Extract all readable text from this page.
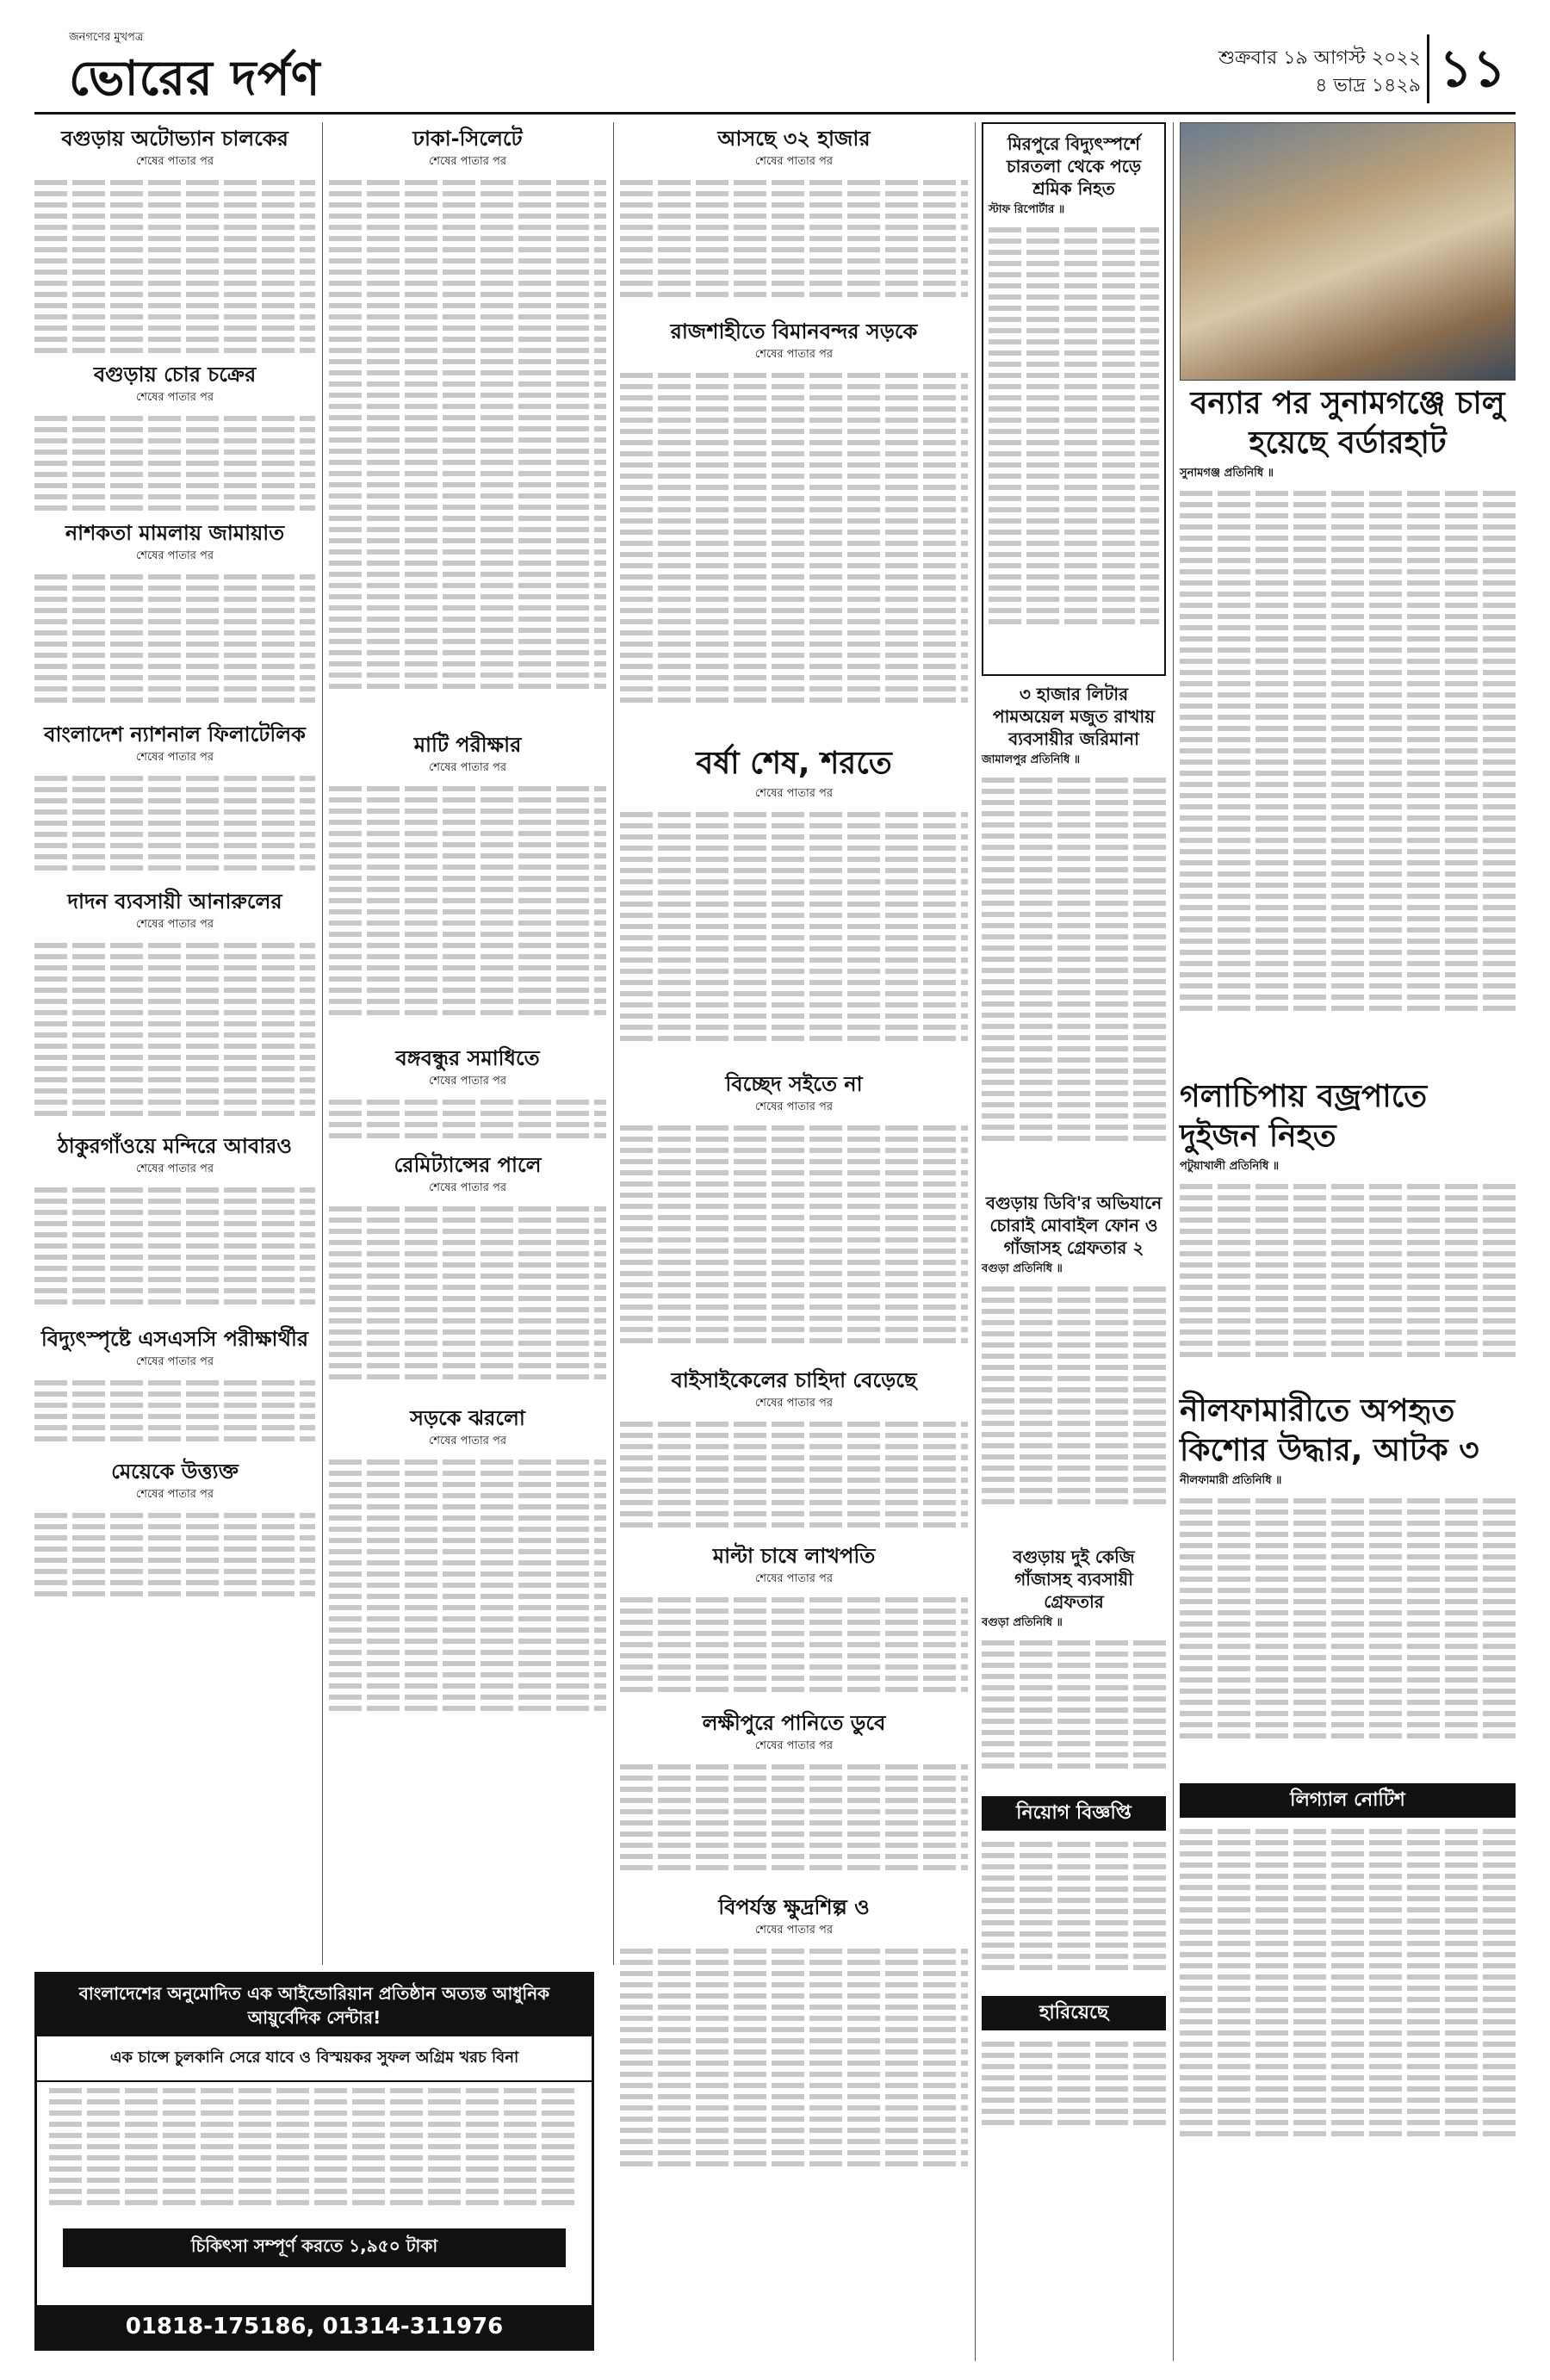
জনগণের মুখপত্র
ভোরের দর্পণ	শুক্রবার ১৯ আগস্ট ২০২২
৪ ভাদ্র ১৪২৯ ১১
বগুড়ায় অটোভ্যান চালকের
শেষের পাতার পর
বগুড়ায় চোর চক্রের
শেষের পাতার পর
নাশকতা মামলায় জামায়াত
শেষের পাতার পর
বাংলাদেশ ন্যাশনাল ফিলাটেলিক
শেষের পাতার পর
দাদন ব্যবসায়ী আনারুলের
শেষের পাতার পর
ঠাকুরগাঁওয়ে মন্দিরে আবারও
শেষের পাতার পর
বিদ্যুৎস্পৃষ্টে এসএসসি পরীক্ষার্থীর
শেষের পাতার পর
মেয়েকে উত্ত্যক্ত
শেষের পাতার পর
ঢাকা-সিলেটে
শেষের পাতার পর
মাটি পরীক্ষার
শেষের পাতার পর
বঙ্গবন্ধুর সমাধিতে
শেষের পাতার পর
রেমিট্যান্সের পালে
শেষের পাতার পর
সড়কে ঝরলো
শেষের পাতার পর
আসছে ৩২ হাজার
শেষের পাতার পর
রাজশাহীতে বিমানবন্দর সড়কে
শেষের পাতার পর
বর্ষা শেষ, শরতে
শেষের পাতার পর
বিচ্ছেদ সইতে না
শেষের পাতার পর
বাইসাইকেলের চাহিদা বেড়েছে
শেষের পাতার পর
মাল্টা চাষে লাখপতি
শেষের পাতার পর
লক্ষীপুরে পানিতে ডুবে
শেষের পাতার পর
বিপর্যস্ত ক্ষুদ্রশিল্প ও
শেষের পাতার পর
মিরপুরে বিদ্যুৎস্পর্শে চারতলা থেকে পড়ে শ্রমিক নিহত
স্টাফ রিপোর্টার ॥
৩ হাজার লিটার পামঅয়েল মজুত রাখায় ব্যবসায়ীর জরিমানা
জামালপুর প্রতিনিধি ॥
বগুড়ায় ডিবি'র অভিযানে চোরাই মোবাইল ফোন ও গাঁজাসহ গ্রেফতার ২
বগুড়া প্রতিনিধি ॥
বগুড়ায় দুই কেজি গাঁজাসহ ব্যবসায়ী গ্রেফতার
বগুড়া প্রতিনিধি ॥
নিয়োগ বিজ্ঞপ্তি
হারিয়েছে
বন্যার পর সুনামগঞ্জে চালু হয়েছে বর্ডারহাট
সুনামগঞ্জ প্রতিনিধি ॥
গলাচিপায় বজ্রপাতে দুইজন নিহত
পটুয়াখালী প্রতিনিধি ॥
নীলফামারীতে অপহৃত কিশোর উদ্ধার, আটক ৩
নীলফামারী প্রতিনিধি ॥
লিগ্যাল নোটিশ
বাংলাদেশের অনুমোদিত এক আইন্ডোরিয়ান প্রতিষ্ঠান অত্যন্ত আধুনিক আয়ুর্বেদিক সেন্টার!
এক চান্সে চুলকানি সেরে যাবে ও বিস্ময়কর সুফল অগ্রিম খরচ বিনা
চিকিৎসা সম্পূর্ণ করতে ১,৯৫০ টাকা
01818-175186, 01314-311976
